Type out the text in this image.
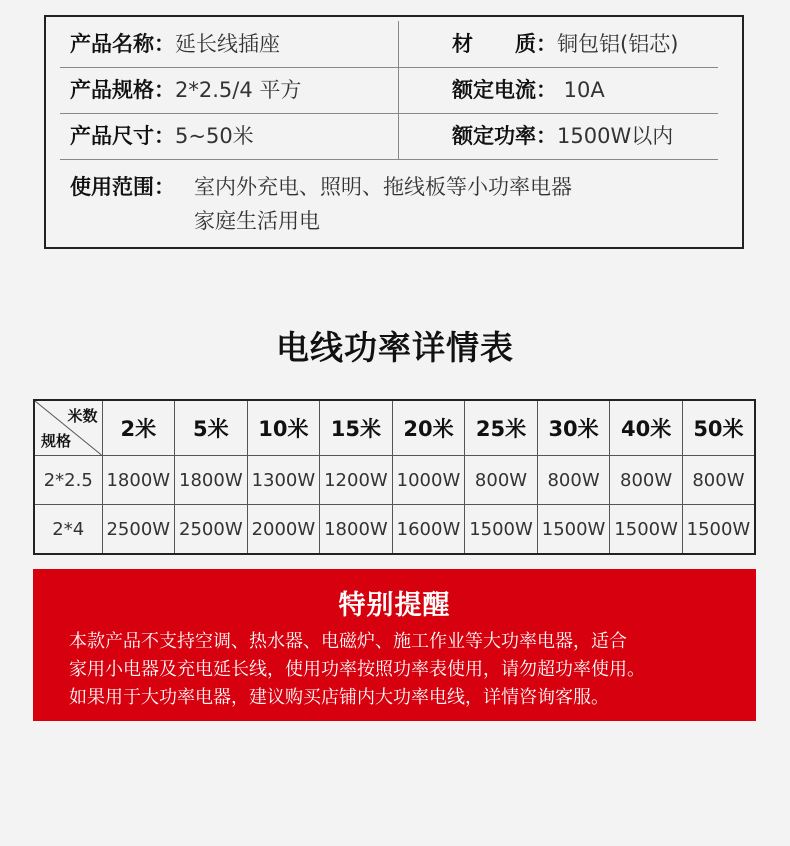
产品名称：延长线插座	材　　质：铜包铝(铝芯)
产品规格：2*2.5/4 平方	额定电流： 10A
产品尺寸：5~50米	额定功率：1500W以内
使用范围： 室内外充电、照明、拖线板等小功率电器
家庭生活用电
电线功率详情表
米数
规格	2米	5米	10米	15米	20米	25米	30米	40米	50米
2*2.5	1800W	1800W	1300W	1200W	1000W	800W	800W	800W	800W
2*4	2500W	2500W	2000W	1800W	1600W	1500W	1500W	1500W	1500W
特别提醒
本款产品不支持空调、热水器、电磁炉、施工作业等大功率电器，适合
家用小电器及充电延长线，使用功率按照功率表使用，请勿超功率使用。
如果用于大功率电器，建议购买店铺内大功率电线，详情咨询客服。
